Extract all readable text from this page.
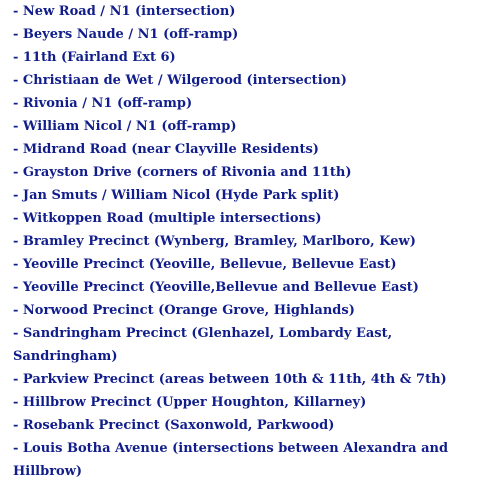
- New Road / N1 (intersection)
- Beyers Naude / N1 (off-ramp)
- 11th (Fairland Ext 6)
- Christiaan de Wet / Wilgerood (intersection)
- Rivonia / N1 (off-ramp)
- William Nicol / N1 (off-ramp)
- Midrand Road (near Clayville Residents)
- Grayston Drive (corners of Rivonia and 11th)
- Jan Smuts / William Nicol (Hyde Park split)
- Witkoppen Road (multiple intersections)
- Bramley Precinct (Wynberg, Bramley, Marlboro, Kew)
- Yeoville Precinct (Yeoville, Bellevue, Bellevue East)
- Yeoville Precinct (Yeoville,Bellevue and Bellevue East)
- Norwood Precinct (Orange Grove, Highlands)
- Sandringham Precinct (Glenhazel, Lombardy East, Sandringham)
- Parkview Precinct (areas between 10th & 11th, 4th & 7th)
- Hillbrow Precinct (Upper Houghton, Killarney)
- Rosebank Precinct (Saxonwold, Parkwood)
- Louis Botha Avenue (intersections between Alexandra and Hillbrow)
